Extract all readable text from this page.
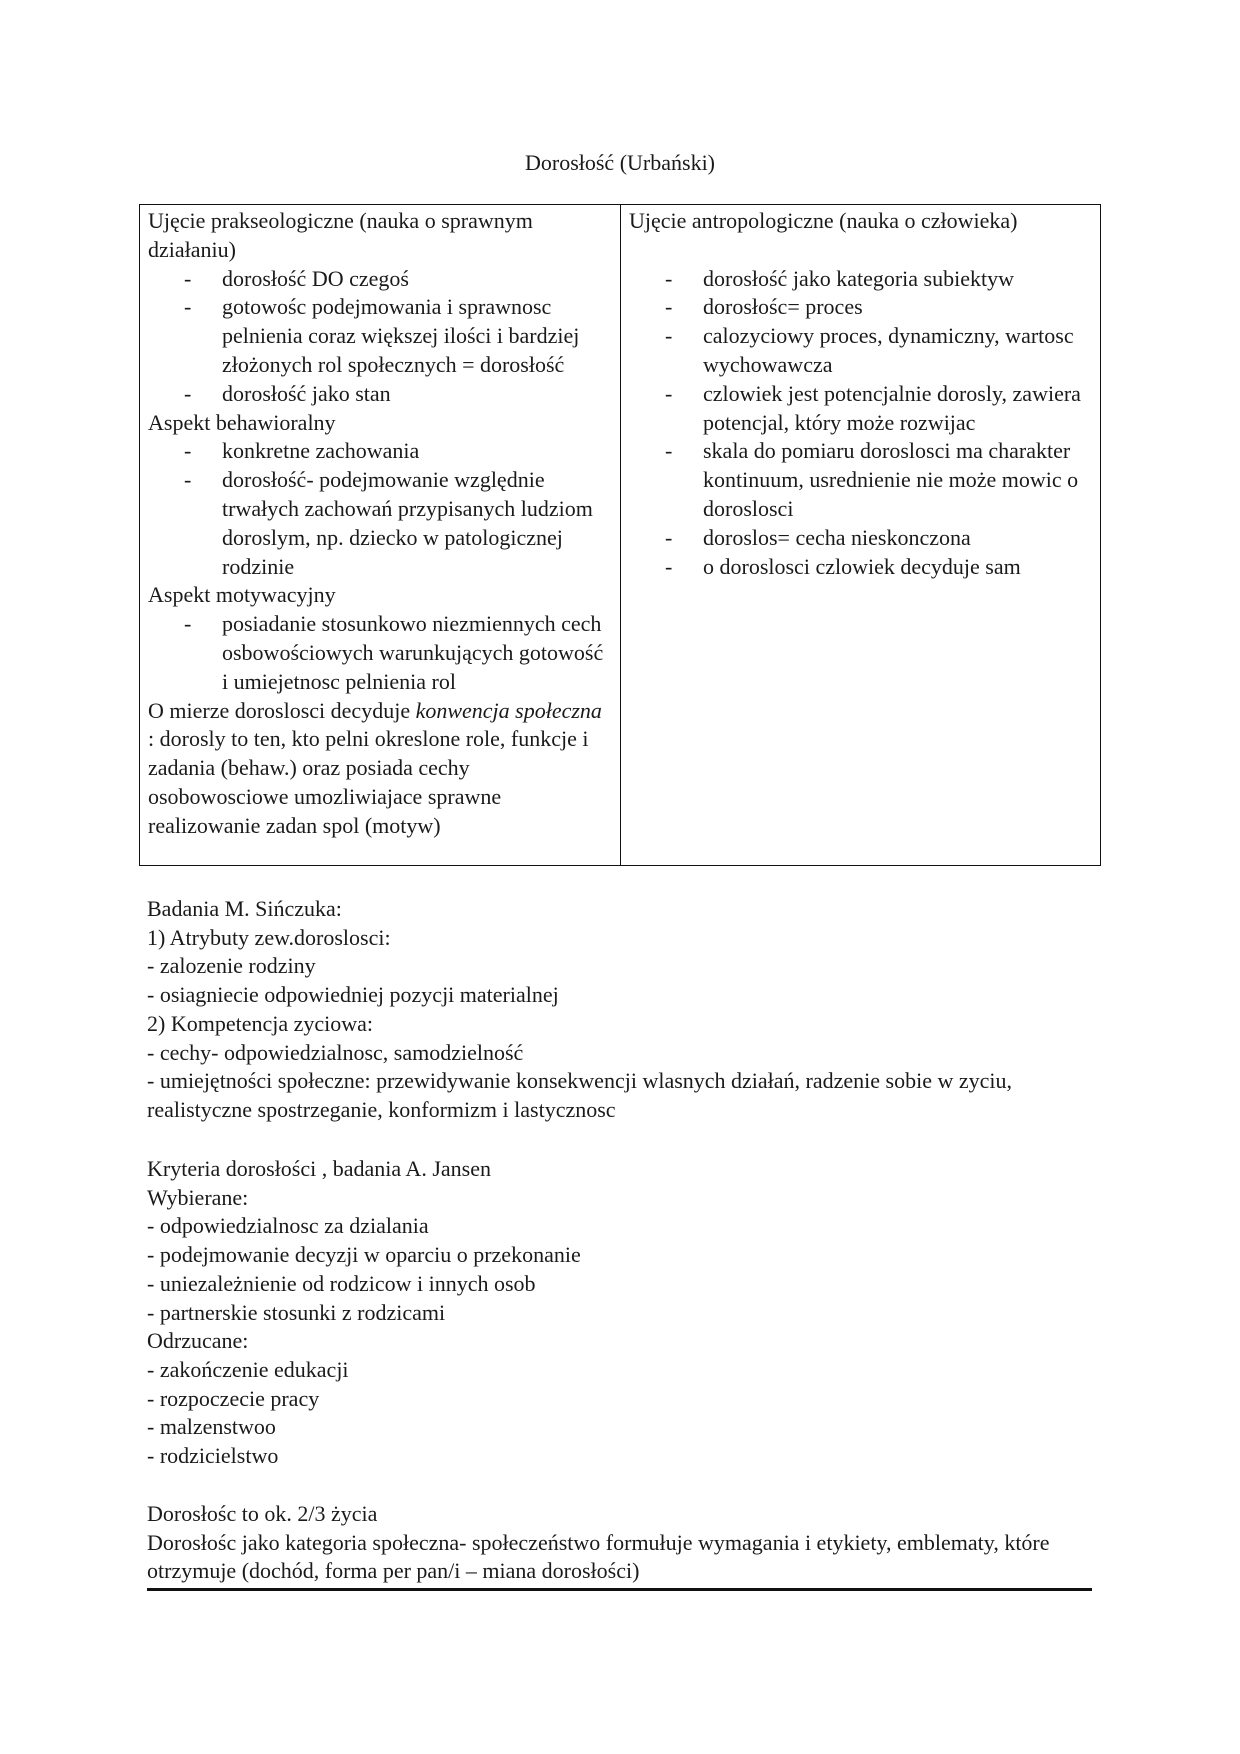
Dorosłość (Urbański)

Ujęcie prakseologiczne (nauka o sprawnym działaniu)

- dorosłość DO czegoś
- gotowośc podejmowania i sprawnosc pelnienia coraz większej ilości i bardziej złożonych rol społecznych = dorosłość
- dorosłość jako stan

Aspekt behawioralny

- konkretne zachowania
- dorosłość- podejmowanie względnie trwałych zachowań przypisanych ludziom doroslym, np. dziecko w patologicznej rodzinie

Aspekt motywacyjny

- posiadanie stosunkowo niezmiennych cech osbowościowych warunkujących gotowość i umiejetnosc pelnienia rol

O mierze doroslosci decyduje konwencja społeczna : dorosly to ten, kto pelni okreslone role, funkcje i zadania (behaw.) oraz posiada cechy osobowosciowe umozliwiajace sprawne realizowanie zadan spol (motyw)

Ujęcie antropologiczne (nauka o człowieka)

- dorosłość jako kategoria subiektyw
- dorosłośc= proces
- calozyciowy proces, dynamiczny, wartosc wychowawcza
- czlowiek jest potencjalnie dorosly, zawiera potencjal, który może rozwijac
- skala do pomiaru doroslosci ma charakter kontinuum, usrednienie nie może mowic o doroslosci
- doroslos= cecha nieskonczona
- o doroslosci czlowiek decyduje sam

Badania M. Sińczuka:

1) Atrybuty zew.doroslosci:

- zalozenie rodziny

- osiagniecie odpowiedniej pozycji materialnej

2) Kompetencja zyciowa:

- cechy- odpowiedzialnosc, samodzielność

- umiejętności społeczne: przewidywanie konsekwencji wlasnych działań, radzenie sobie w zyciu, realistyczne spostrzeganie, konformizm i lastycznosc

Kryteria dorosłości , badania A. Jansen

Wybierane:

- odpowiedzialnosc za dzialania

- podejmowanie decyzji w oparciu o przekonanie

- uniezależnienie od rodzicow i innych osob

- partnerskie stosunki z rodzicami

Odrzucane:

- zakończenie edukacji

- rozpoczecie pracy

- malzenstwoo

- rodzicielstwo

Dorosłośc to ok. 2/3 życia

Dorosłośc jako kategoria społeczna- społeczeństwo formułuje wymagania i etykiety, emblematy, które otrzymuje (dochód, forma per pan/i – miana dorosłości)
